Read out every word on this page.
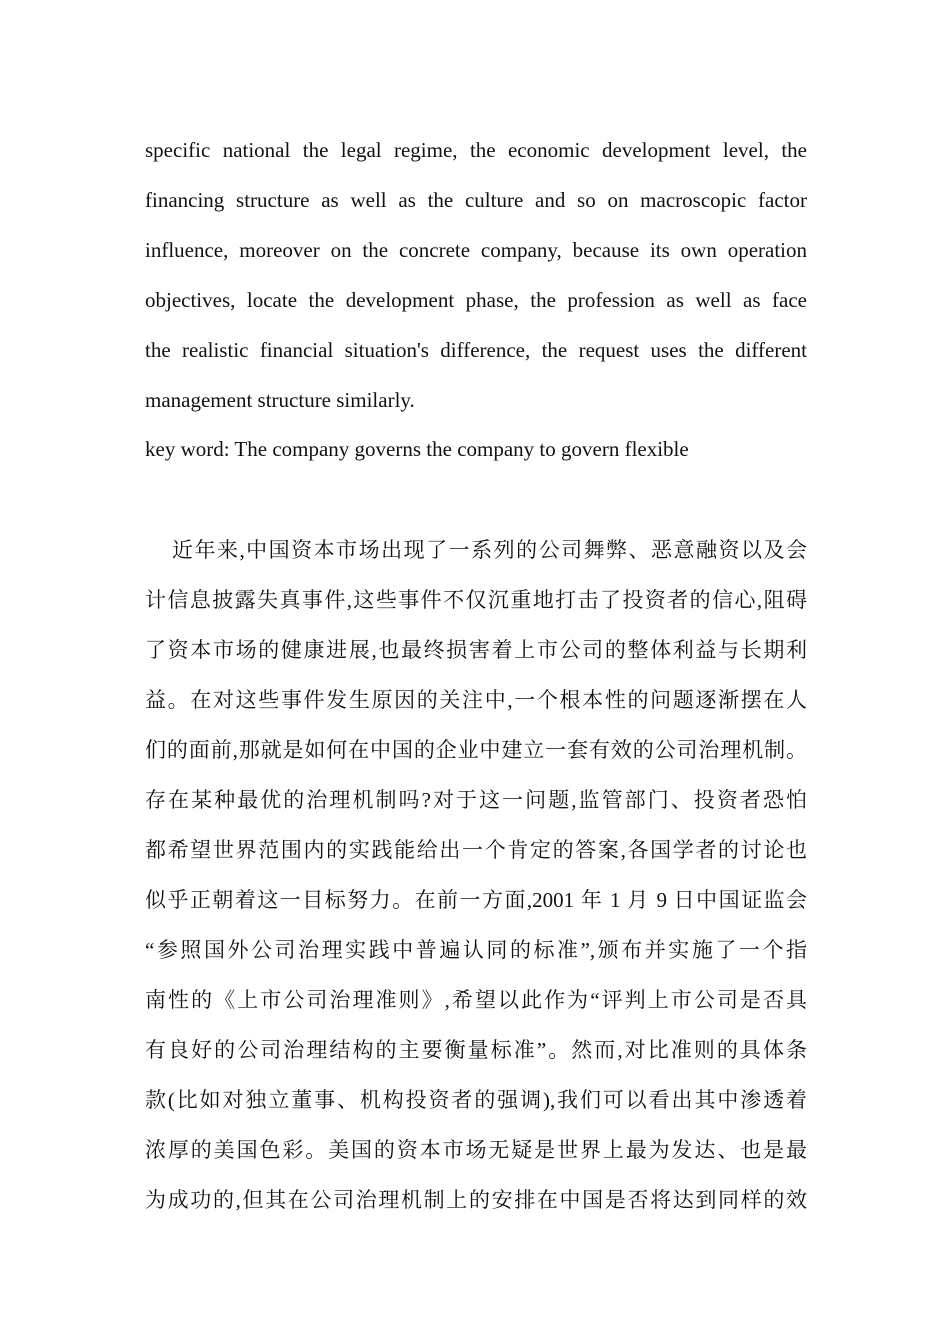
specific national the legal regime, the economic development level, the
financing structure as well as the culture and so on macroscopic factor
influence, moreover on the concrete company, because its own operation
objectives, locate the development phase, the profession as well as face
the realistic financial situation's difference, the request uses the different
management structure similarly.
key word: The company governs the company to govern flexible
近年来,中国资本市场出现了一系列的公司舞弊、恶意融资以及会
计信息披露失真事件,这些事件不仅沉重地打击了投资者的信心,阻碍
了资本市场的健康进展,也最终损害着上市公司的整体利益与长期利
益。在对这些事件发生原因的关注中,一个根本性的问题逐渐摆在人
们的面前,那就是如何在中国的企业中建立一套有效的公司治理机制。
存在某种最优的治理机制吗?对于这一问题,监管部门、投资者恐怕
都希望世界范围内的实践能给出一个肯定的答案,各国学者的讨论也
似乎正朝着这一目标努力。在前一方面,2001 年 1 月 9 日中国证监会
“参照国外公司治理实践中普遍认同的标准”,颁布并实施了一个指
南性的《上市公司治理准则》,希望以此作为“评判上市公司是否具
有良好的公司治理结构的主要衡量标准”。然而,对比准则的具体条
款(比如对独立董事、机构投资者的强调),我们可以看出其中渗透着
浓厚的美国色彩。美国的资本市场无疑是世界上最为发达、也是最
为成功的,但其在公司治理机制上的安排在中国是否将达到同样的效
